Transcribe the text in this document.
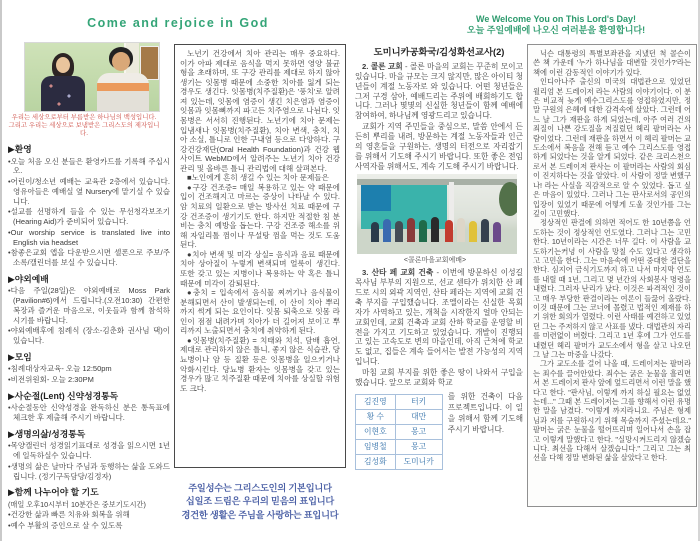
Come and rejoice in God	We Welcome You on This Lord's Day!
오늘 주일예배에 나오신 여러분을 환영합니다!
우리는 세상으로부터 부름받은 하나님의 백성입니다.
그리고 우리는 세상으로 보냄받은 그리스도의 제자입니다.
▶환영

•오늘 처음 오신 분들은 환영카드를 기록해 주십시오.

•어린이/청소년 예배는 교육관 2층에서 있습니다. 영유아들은 예배실 옆 Nursery에 맡기실 수 있습니다.

•설교를 선명하게 들을 수 있는 무선청각보조기(Hearing Aid)가 준비되어 있습니다.

•Our worship service is translated live into English via headset

•참좋은교회 앱을 다운받으시면 셀폰으로 주보/주소록/캘린더를 보실 수 있습니다.

▶야외예배

•다음 주일(28일)은 야외예배로 Moss Park (Pavilion#6)에서 드립니다.(오전10:30) 간편한 복장과 즐거운 마음으로, 이웃들과 함께 참석하시기를 바랍니다.

•야외예배후에 침례식 (장소-김춘화 권사님 댁)이 있습니다.

▶모임

•침례대상자교육- 오늘 12:50pm

•비전위원회- 오늘 2:30PM

▶사순절(Lent) 신약성경통독

•사순절동안 신약성경을 완독하신 분은 통독표에 체크한 후 제출해 주시기 바랍니다.

▶생명의삶/성경통독

•목양캘린더 성경읽기표대로 성경을 읽으시면 1년에 일독하실수 있습니다.

•생명의 삶은 날마다 주님과 동행하는 삶을 도와드립니다. (정기구독담당/김정자)

▶함께 나누어야 할 기도

(매일 오후10시부터 10분간은 중보기도시간)

•건강한 삶과 빠른 치유와 회복을 위해

•예수 부활의 증인으로 살 수 있도록

노년기 건강에서 치아 관리는 매우 중요하다. 이가 아파 제대로 음식을 먹지 못하면 영양 불균형을 초래하며, 또 구강 관리를 제대로 하지 않아 생기는 잇몸병 때문에 소중한 치아를 잃게 되는 경우도 생긴다. 잇몸병(치주질환)은 '풍치'로 알려져 있는데, 잇몸에 염증이 생긴 치은염과 염증이 잇몸과 잇몸뼈까지 파고든 치주염으로 나뉜다. 잇몸병은 서서히 진행된다. 노년기에 치아 문제는 입냄새나 잇몸병(치주질환), 치아 변색, 충치, 치아 소실, 틀니로 인한 구내염 등으로 다양하다. 구강건강재단(Oral Health Foundation)과 건강 웹사이트 WebMD에서 알려주는 노년기 치아 건강 관리 및 올바른 틀니 관리법에 대해 살펴본다.

■노인에게 흔히 생길 수 있는 치아 문제들은

●구강 건조증= 매일 복용하고 있는 약 때문에 입이 건조해지고 마르는 증상이 나타날 수 있다. 암 치료의 일환으로 받는 방사선 치료 때문에 구강 건조증이 생기기도 한다. 하지만 적절한 침 분비는 충치 예방을 돕는다. 구강 건조증 해소를 위해 자일리톨 껌이나 무설탕 껌을 먹는 것도 도움된다.

●치아 변색 및 미각 상실= 음식과 음료 때문에 치아 상아질이 누렇게 변색되며 얼룩이 생긴다. 또한 갖고 있는 지병이나 복용하는 약 혹은 틀니 때문에 미각이 감퇴된다.

●충치 = 입속에서 음식물 찌꺼기나 음식물이 분해되면서 산이 발생되는데, 이 산이 치아 뿌리까지 썩게 되는 요인이다. 잇몸 퇴축으로 잇몸 라인이 점점 내려가며 치아가 더 길어져 보이고 뿌리까지 노출되면서 충치에 취약하게 된다.

●잇몸병(치주질환) = 치태와 치석, 담배 흡연, 제대로 관리하지 않은 틀니, 좋지 않은 식습관, 당뇨병이나 암 등 질환 등은 잇몸병을 일으키거나 악화시킨다. 당뇨병 환자는 잇몸병을 갖고 있는 경우가 많고 치주질환 때문에 치아를 상실할 위험도 크다.

주일성수는 그리스도인의 기본입니다
십일조 드림은 우리의 믿음의 표입니다
경건한 생활은 주님을 사랑하는 표입니다
도미니카공화국/김성화선교사(2)

2. 콜론 교회 - 콜론 마을의 교회는 꾸준히 모이고 있습니다. 마을 규모는 크지 않지만, 많은 아이티 청년들이 계절 노동자로 와 있습니다. 어떤 청년들은 그저 구경 삼아, 예배드리는 주위에 배회하기도 합니다. 그러나 몇몇의 신실한 청년들이 함께 예배에 참여하여, 하나님께 영광드리고 있습니다.

교회가 지역 주민들을 중심으로, 말씀 안에서 든든히 뿌리를 내려, 방문하는 계절 노동자들과 인근의 영혼들을 구원하는, 생명의 터전으로 자리잡기를 위해서 기도해 주시기 바랍니다. 또한 좋은 전임 사역자를 위해서도, 계속 기도해 주시기 바랍니다.

<콜론마을교회예배>

3. 산타 페 교회 건축 - 이번에 방문하신 이성길 목사님 부부의 지원으로, 선교 센타가 위치한 산 페드로 시의 외곽 지역인, 산타 페라는 지역에 교회 건축 부지를 구입했습니다. 조엘이라는 신실한 목회자가 사역하고 있는, 개척을 시작한지 얼마 안되는 교회인데, 교회 건축과 교회 산하 학교를 운영할 비전을 가지고 기도하고 있었습니다. 개발이 진행되고 있는 고속도로 변의 마을인데, 아직 근처에 학교도 없고, 집들은 계속 들어서는 발전 가능성의 지역입니다.

마침 교회 부지를 위한 좋은 땅이 나와서 구입을 했습니다. 앞으로 교회와 학교

김진영	터키
황 수	대만
이현호	몽고
임병철	몽고
김성화	도미니카

를 위한 건축이 다음 프로젝트입니다. 이 일을 위해서 함께 기도해 주시기 바랍니다.

닉슨 대통령의 특별보좌관을 지냈던 척 콜슨이 쓴 책 가운데 '누가 하나님을 대변할 것인가?'라는 책에 이런 감동적인 이야기가 있다.

인디아나주 출신의 미국의 대법관으로 있었던 윌리엄 본 드레이저 라는 사람의 이야기이다. 이 분은 비교적 늦게 예수그리스도를 영접하였지만, 정말 구원의 은혜에 대한 감격속에 살았다. 그런데 어느 날 그가 재판을 하게 되었는데, 아주 여러 건의 죄질이 나쁜 강도질을 저질렀던 헤리 팔머라는 사람이었다. 그런데 재판을 하면서 이 헤리 팔머는 교도소에서 복음을 전해 듣고 예수 그리스도를 영접하게 되었다는 것을 알게 되었다. 같은 크리스천으로서 본 드레이저 판사는 이 팔머라는 사람의 회심이 진지하다는 것을 알았다. 이 사람이 정말 변했구나! 라는 사실을 직감적으로 알 수 있었다. 돕고 싶은 마음이 있었다. 그러나 그는 판사로서의 공인의 입장이 있었기 때문에 어떻게 도울 것인가를 그는 깊이 고민했다.

정상적인 판결에 의하면 적어도 한 10년쯤을 언도하는 것이 정상적인 언도였다. 그러나 그는 고민한다. 10년이라는 시간은 너무 길다. 이 사람을 교도하기는커녕 이 사람을 망칠 수도 있다고 생각하고 고민을 한다. 그는 마음속에 어떤 중대한 결단을 한다. 심지어 금식기도까지 하고 나서 마지막 언도를 내릴 때 1년, 그리고 몇 년간의 사회봉사 명령을 내렸다. 그러자 난리가 났다. 이것은 파격적인 것이고 매우 부당한 판결이라는 여론이 들끓어 올랐다. 이것 때문에 그는 코너에 몰렸고 법적인 제재를 하기 위한 회의가 열렸다. 이런 사태를 예견하고 있었던 그는 주저하지 않고 사표를 냈다. 대법관의 자리를 미련없이 버렸다. 그리고 1년 후에 그가 언도를 내렸던 헤리 팔머가 교도소에서 형을 살고 나오던 그 날 그는 마중을 나갔다.

그가 교도소를 걸어 나올 때, 드레이저는 팔머라는 죄수를 끌어안았다. 죄수는 굵은 눈물을 흘리면서 본 드레이저 판사 앞에 엎드리면서 이런 말을 했다고 한다. "판사님, 이렇게 까지 하실 필요는 없었는데..." 그때 본 드레이저는 그를 향해서 이런 유명한 말을 남겼다. "이렇게 까지라니요. 주님은 형제님과 저를 구원하시기 위해 목숨까지 주셨는데요." 팔머는 굵은 눈물을 떨어뜨리며 일어나서 손을 잡고 이렇게 말했다고 한다. "실망시켜드리지 않겠습니다. 최선을 다해서 살겠습니다." 그리고 그는 최선을 다해 정말 변화된 삶을 살았다고 한다.
